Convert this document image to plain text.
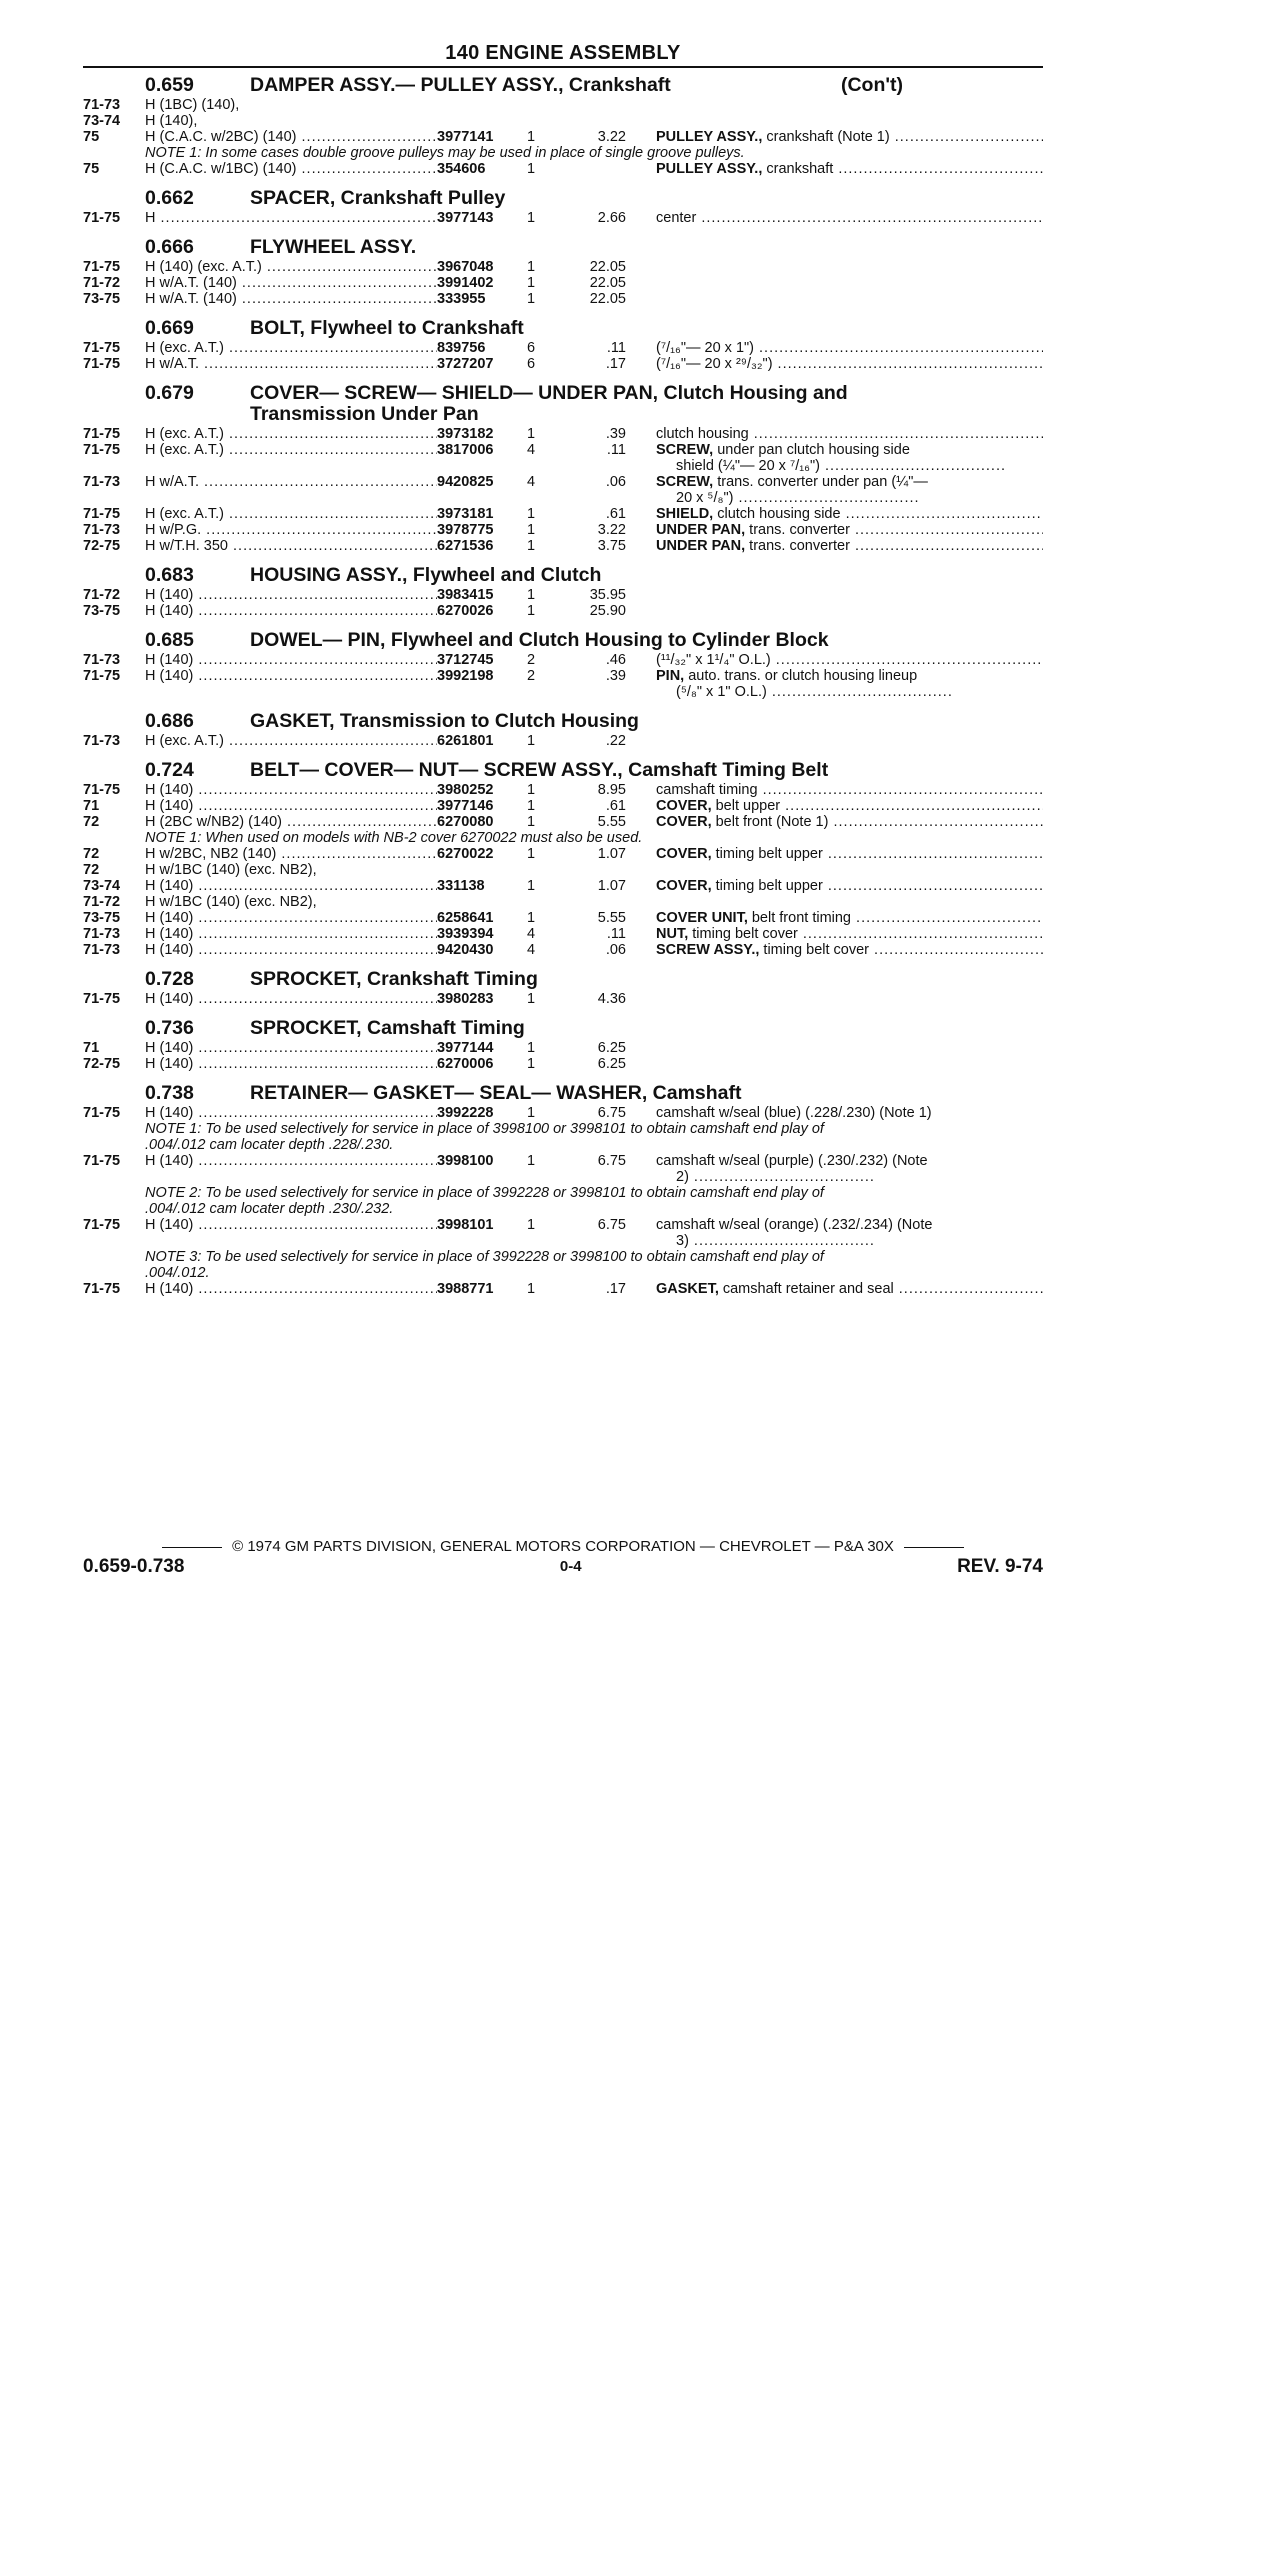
140 ENGINE ASSEMBLY
0.659	DAMPER ASSY.— PULLEY ASSY., Crankshaft	(Con't)
71-73	H (1BC) (140),
73-74	H (140),
75	H (C.A.C. w/2BC) (140) .....	3977141	1	3.22	PULLEY ASSY., crankshaft (Note 1) .....
NOTE 1: In some cases double groove pulleys may be used in place of single groove pulleys.
75	H (C.A.C. w/1BC) (140) .....	354606	1	PULLEY ASSY., crankshaft .....
0.662	SPACER, Crankshaft Pulley
71-75	H .....	3977143	1	2.66	center .....
0.666	FLYWHEEL ASSY.
71-75	H (140) (exc. A.T.) .....	3967048	1	22.05
71-72	H w/A.T. (140) .....	3991402	1	22.05
73-75	H w/A.T. (140) .....	333955	1	22.05
0.669	BOLT, Flywheel to Crankshaft
71-75	H (exc. A.T.) .....	839756	6	.11	(⁷/₁₆"— 20 x 1") .....
71-75	H w/A.T. .....	3727207	6	.17	(⁷/₁₆"— 20 x ²⁹/₃₂") .....
0.679	COVER— SCREW— SHIELD— UNDER PAN, Clutch Housing and
Transmission Under Pan
71-75	H (exc. A.T.) .....	3973182	1	.39	clutch housing .....
71-75	H (exc. A.T.) .....	3817006	4	.11	SCREW, under pan clutch housing side
shield (¼"— 20 x ⁷/₁₆") .....
71-73	H w/A.T. .....	9420825	4	.06	SCREW, trans. converter under pan (¼"—
20 x ⁵/₈") .....
71-75	H (exc. A.T.) .....	3973181	1	.61	SHIELD, clutch housing side .....
71-73	H w/P.G. .....	3978775	1	3.22	UNDER PAN, trans. converter .....
72-75	H w/T.H. 350 .....	6271536	1	3.75	UNDER PAN, trans. converter .....
0.683	HOUSING ASSY., Flywheel and Clutch
71-72	H (140) .....	3983415	1	35.95
73-75	H (140) .....	6270026	1	25.90
0.685	DOWEL— PIN, Flywheel and Clutch Housing to Cylinder Block
71-73	H (140) .....	3712745	2	.46	(¹¹/₃₂" x 1¹/₄" O.L.) .....
71-75	H (140) .....	3992198	2	.39	PIN, auto. trans. or clutch housing lineup
(⁵/₈" x 1" O.L.) .....
0.686	GASKET, Transmission to Clutch Housing
71-73	H (exc. A.T.) .....	6261801	1	.22
0.724	BELT— COVER— NUT— SCREW ASSY., Camshaft Timing Belt
71-75	H (140) .....	3980252	1	8.95	camshaft timing .....
71	H (140) .....	3977146	1	.61	COVER, belt upper .....
72	H (2BC w/NB2) (140) .....	6270080	1	5.55	COVER, belt front (Note 1) .....
NOTE 1: When used on models with NB-2 cover 6270022 must also be used.
72	H w/2BC, NB2 (140) .....	6270022	1	1.07	COVER, timing belt upper .....
72	H w/1BC (140) (exc. NB2),
73-74	H (140) .....	331138	1	1.07	COVER, timing belt upper .....
71-72	H w/1BC (140) (exc. NB2),
73-75	H (140) .....	6258641	1	5.55	COVER UNIT, belt front timing .....
71-73	H (140) .....	3939394	4	.11	NUT, timing belt cover .....
71-73	H (140) .....	9420430	4	.06	SCREW ASSY., timing belt cover .....
0.728	SPROCKET, Crankshaft Timing
71-75	H (140) .....	3980283	1	4.36
0.736	SPROCKET, Camshaft Timing
71	H (140) .....	3977144	1	6.25
72-75	H (140) .....	6270006	1	6.25
0.738	RETAINER— GASKET— SEAL— WASHER, Camshaft
71-75	H (140) .....	3992228	1	6.75	camshaft w/seal (blue) (.228/.230) (Note 1)
NOTE 1: To be used selectively for service in place of 3998100 or 3998101 to obtain camshaft end play of
.004/.012 cam locater depth .228/.230.
71-75	H (140) .....	3998100	1	6.75	camshaft w/seal (purple) (.230/.232) (Note
2) .....
NOTE 2: To be used selectively for service in place of 3992228 or 3998101 to obtain camshaft end play of
.004/.012 cam locater depth .230/.232.
71-75	H (140) .....	3998101	1	6.75	camshaft w/seal (orange) (.232/.234) (Note
3) .....
NOTE 3: To be used selectively for service in place of 3992228 or 3998100 to obtain camshaft end play of
.004/.012.
71-75	H (140) .....	3988771	1	.17	GASKET, camshaft retainer and seal .....
© 1974 GM PARTS DIVISION, GENERAL MOTORS CORPORATION — CHEVROLET — P&A 30X
0.659-0.738	0-4	REV. 9-74
